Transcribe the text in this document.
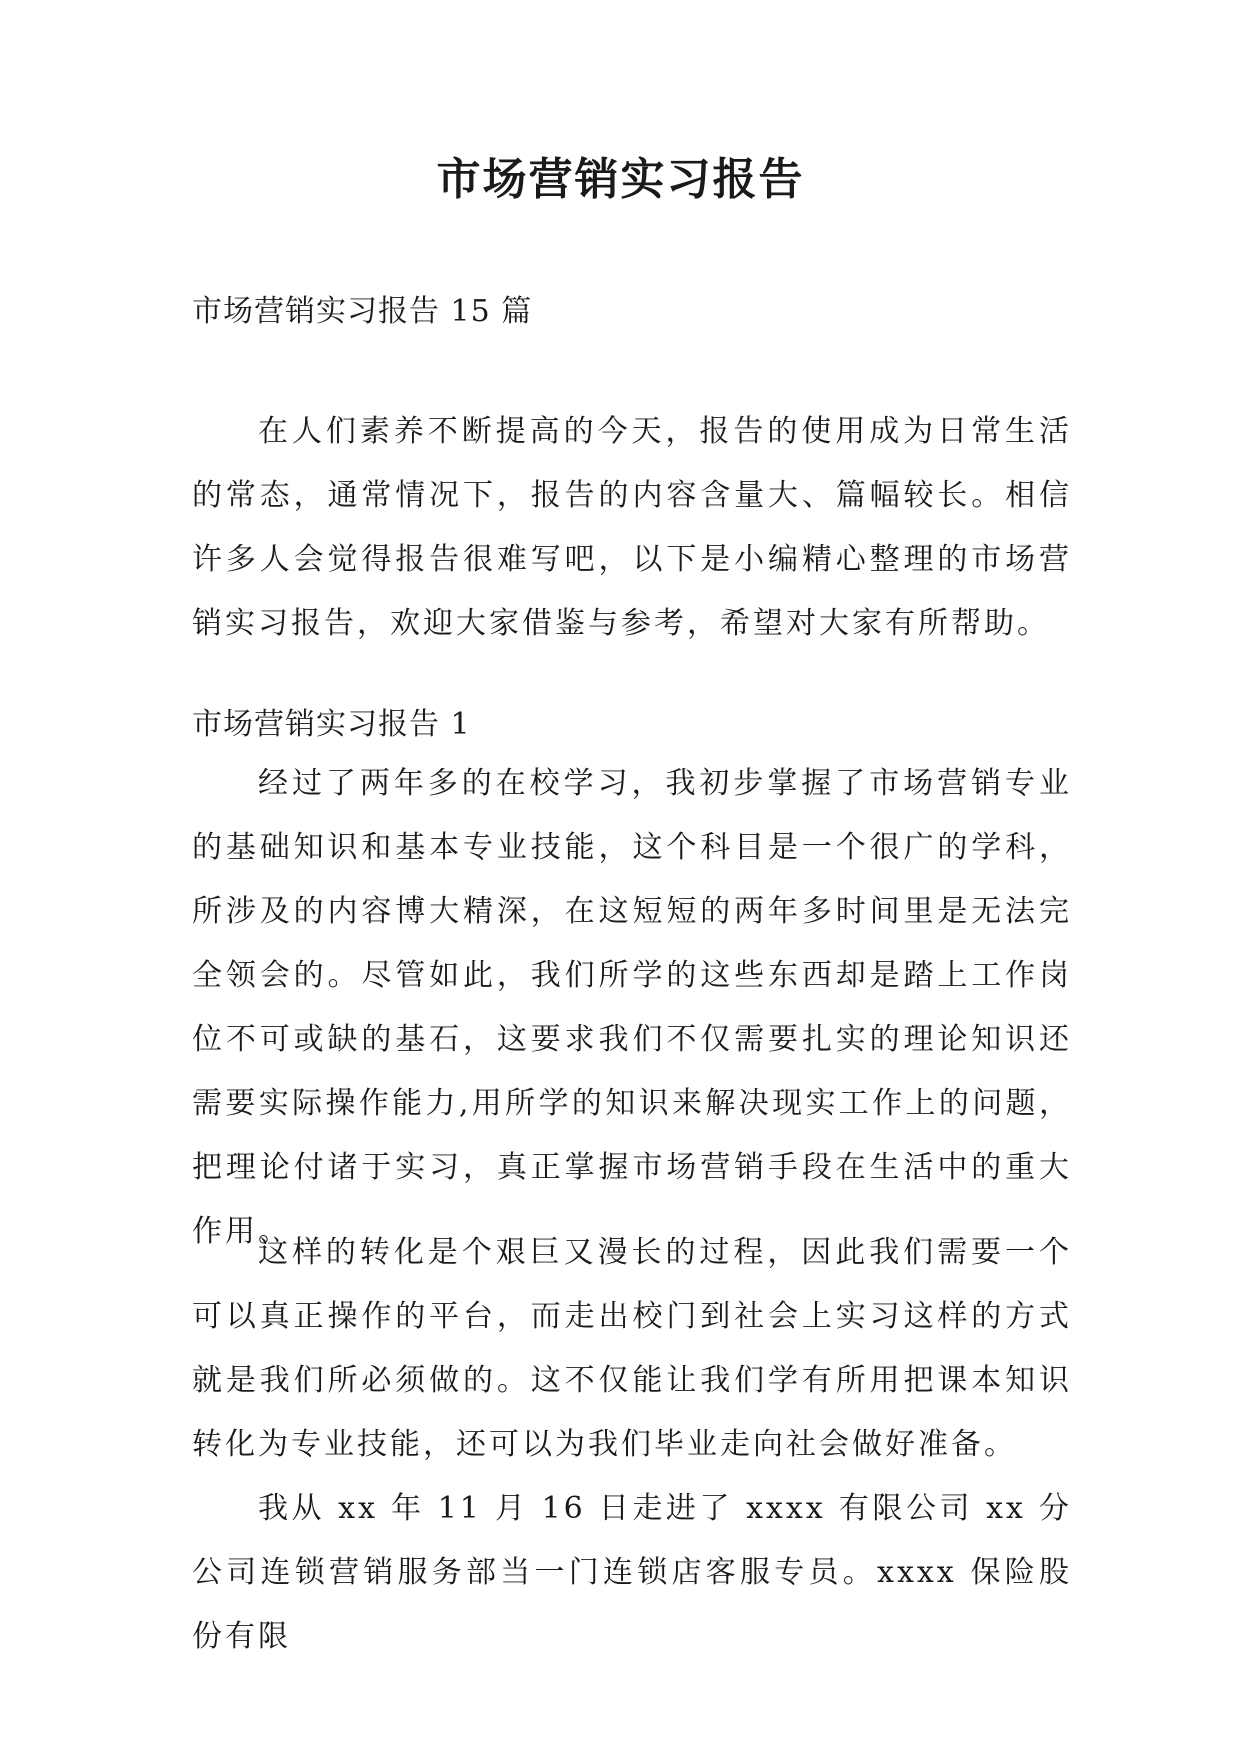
市场营销实习报告

市场营销实习报告 15 篇

在人们素养不断提高的今天，报告的使用成为日常生活的常态，通常情况下，报告的内容含量大、篇幅较长。相信许多人会觉得报告很难写吧，以下是小编精心整理的市场营销实习报告，欢迎大家借鉴与参考，希望对大家有所帮助。

市场营销实习报告 1

经过了两年多的在校学习，我初步掌握了市场营销专业的基础知识和基本专业技能，这个科目是一个很广的学科，所涉及的内容博大精深，在这短短的两年多时间里是无法完全领会的。尽管如此，我们所学的这些东西却是踏上工作岗位不可或缺的基石，这要求我们不仅需要扎实的理论知识还需要实际操作能力,用所学的知识来解决现实工作上的问题，把理论付诸于实习，真正掌握市场营销手段在生活中的重大作用。

这样的转化是个艰巨又漫长的过程，因此我们需要一个可以真正操作的平台，而走出校门到社会上实习这样的方式就是我们所必须做的。这不仅能让我们学有所用把课本知识转化为专业技能，还可以为我们毕业走向社会做好准备。

我从 xx 年 11 月 16 日走进了 xxxx 有限公司 xx 分公司连锁营销服务部当一门连锁店客服专员。xxxx 保险股份有限
